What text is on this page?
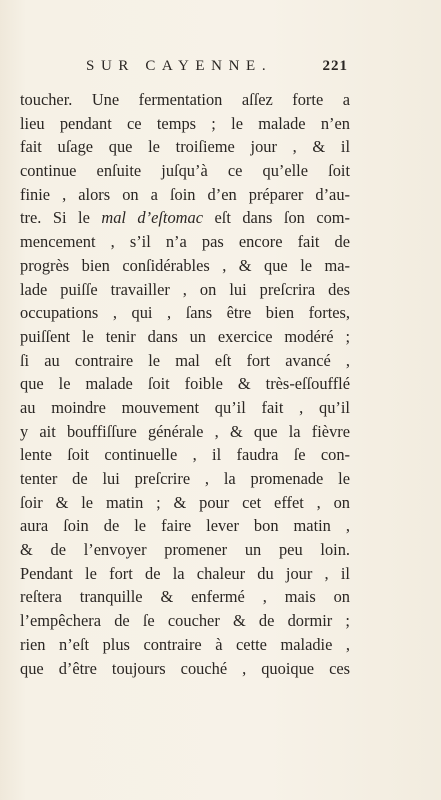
SUR CAYENNE.	221
toucher. Une fermentation aſſez forte a
lieu pendant ce temps ; le malade n’en
fait uſage que le troiſieme jour , & il
continue enſuite juſqu’à ce qu’elle ſoit
finie , alors on a ſoin d’en préparer d’au-
tre. Si le mal d’eſtomac eſt dans ſon com-
mencement , s’il n’a pas encore fait de
progrès bien conſidérables , & que le ma-
lade puiſſe travailler , on lui preſcrira des
occupations , qui , ſans être bien fortes,
puiſſent le tenir dans un exercice modéré ;
ſi au contraire le mal eſt fort avancé ,
que le malade ſoit foible & très-eſſoufflé
au moindre mouvement qu’il fait , qu’il
y ait bouffiſſure générale , & que la fièvre
lente ſoit continuelle , il faudra ſe con-
tenter de lui preſcrire , la promenade le
ſoir & le matin ; & pour cet effet , on
aura ſoin de le faire lever bon matin ,
& de l’envoyer promener un peu loin.
Pendant le fort de la chaleur du jour , il
reſtera tranquille & enfermé , mais on
l’empêchera de ſe coucher & de dormir ;
rien n’eſt plus contraire à cette maladie ,
que d’être toujours couché , quoique ces
